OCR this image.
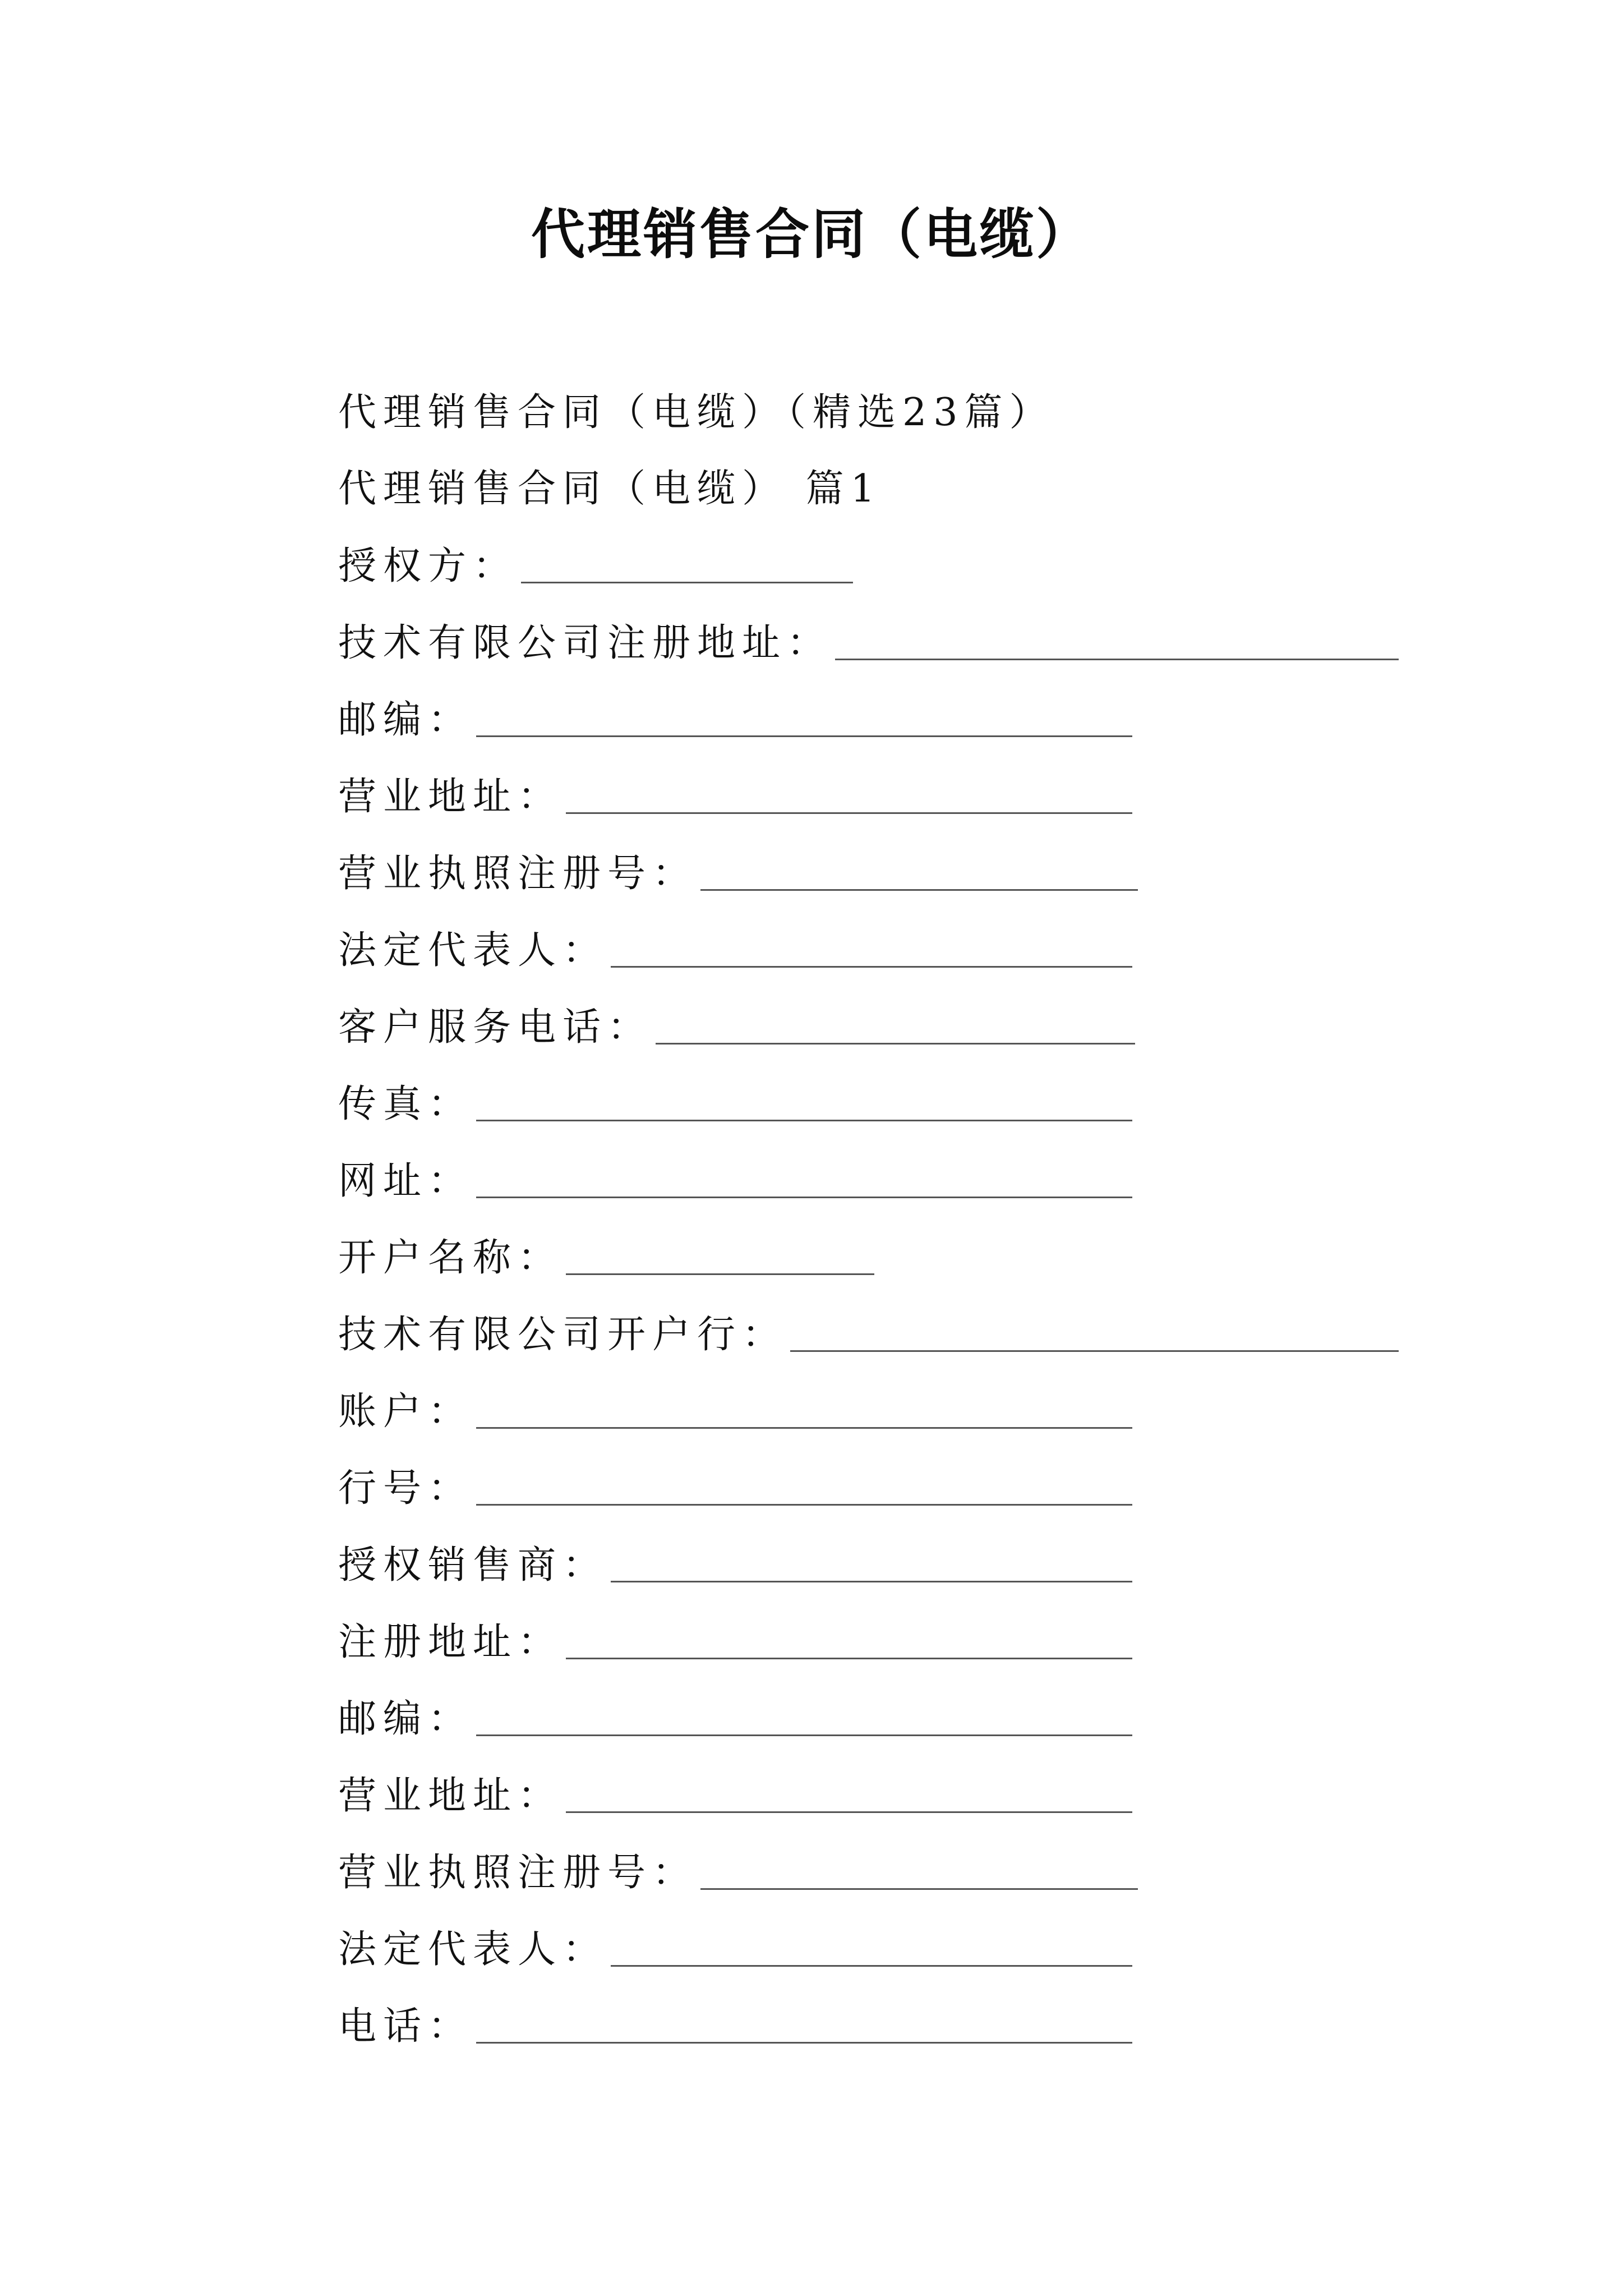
代理销售合同（电缆）
代理销售合同（电缆）（精选23篇）
代理销售合同（电缆） 篇1
授权方：
技术有限公司注册地址：
邮编：
营业地址：
营业执照注册号：
法定代表人：
客户服务电话：
传真：
网址：
开户名称：
技术有限公司开户行：
账户：
行号：
授权销售商：
注册地址：
邮编：
营业地址：
营业执照注册号：
法定代表人：
电话：
